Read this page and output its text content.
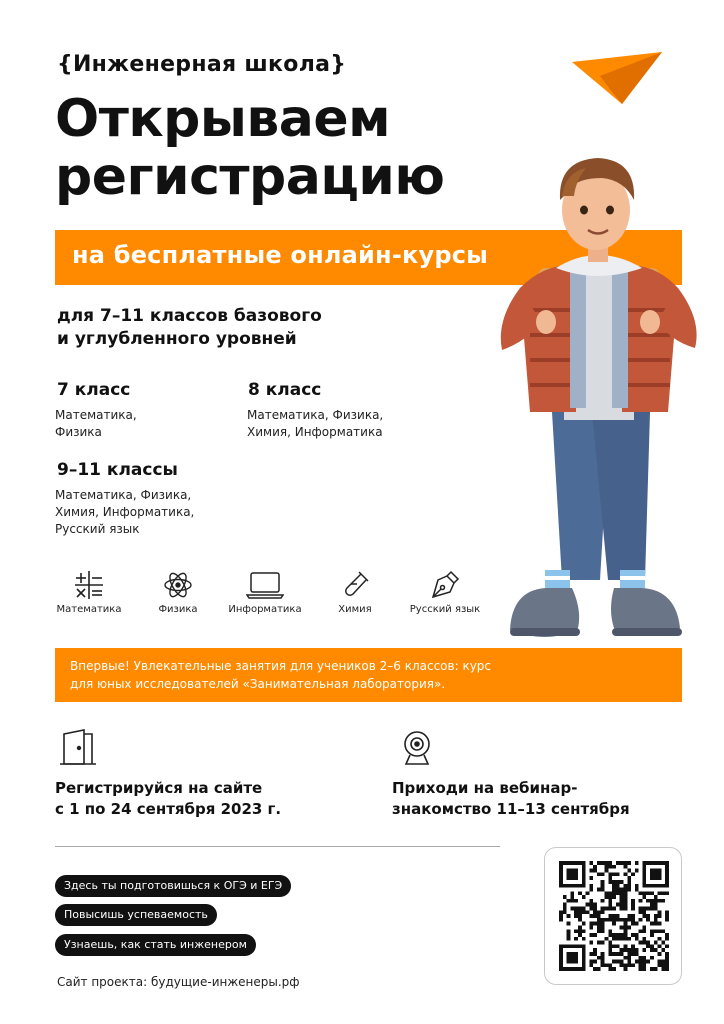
{Инженерная школа}
Открываем
регистрацию
на бесплатные онлайн-курсы
для 7–11 классов базового
и углубленного уровней
7 класс
Математика,
Физика
8 класс
Математика, Физика,
Химия, Информатика
9–11 классы
Математика, Физика,
Химия, Информатика,
Русский язык
Математика	Физика	Информатика	Химия	Русский язык
Впервые! Увлекательные занятия для учеников 2–6 классов: курс
для юных исследователей «Занимательная лаборатория».
Регистрируйся на сайте
с 1 по 24 сентября 2023 г.
Приходи на вебинар-
знакомство 11–13 сентября
Здесь ты подготовишься к ОГЭ и ЕГЭ
Повысишь успеваемость
Узнаешь, как стать инженером
Сайт проекта: будущие-инженеры.рф
